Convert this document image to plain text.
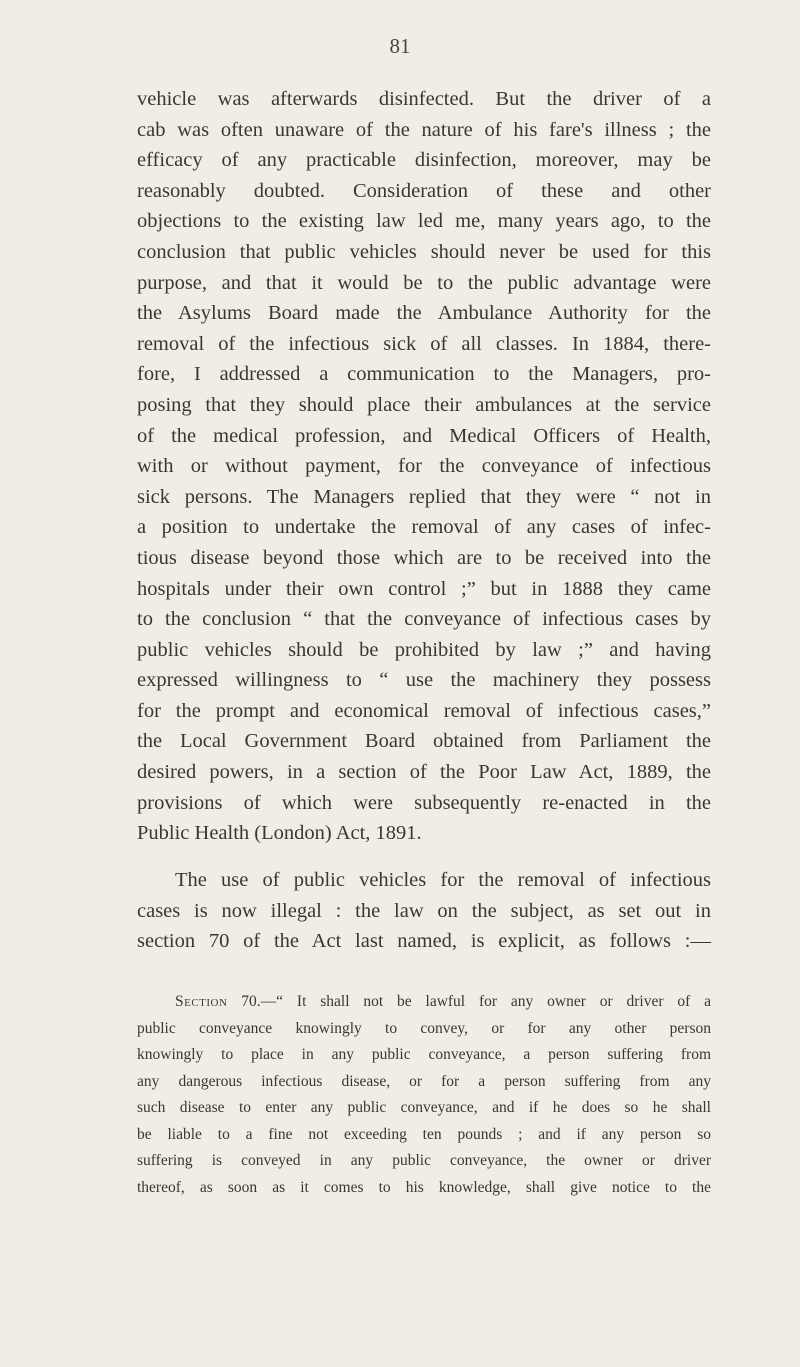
81
vehicle was afterwards disinfected. But the driver of a
cab was often unaware of the nature of his fare's illness ; the
efficacy of any practicable disinfection, moreover, may be
reasonably doubted. Consideration of these and other
objections to the existing law led me, many years ago, to the
conclusion that public vehicles should never be used for this
purpose, and that it would be to the public advantage were
the Asylums Board made the Ambulance Authority for the
removal of the infectious sick of all classes. In 1884, there-
fore, I addressed a communication to the Managers, pro-
posing that they should place their ambulances at the service
of the medical profession, and Medical Officers of Health,
with or without payment, for the conveyance of infectious
sick persons. The Managers replied that they were “ not in
a position to undertake the removal of any cases of infec-
tious disease beyond those which are to be received into the
hospitals under their own control ;” but in 1888 they came
to the conclusion “ that the conveyance of infectious cases by
public vehicles should be prohibited by law ;” and having
expressed willingness to “ use the machinery they possess
for the prompt and economical removal of infectious cases,”
the Local Government Board obtained from Parliament the
desired powers, in a section of the Poor Law Act, 1889, the
provisions of which were subsequently re-enacted in the
Public Health (London) Act, 1891.
The use of public vehicles for the removal of infectious
cases is now illegal : the law on the subject, as set out in
section 70 of the Act last named, is explicit, as follows :—
Section 70.—“ It shall not be lawful for any owner or driver of a
public conveyance knowingly to convey, or for any other person
knowingly to place in any public conveyance, a person suffering from
any dangerous infectious disease, or for a person suffering from any
such disease to enter any public conveyance, and if he does so he shall
be liable to a fine not exceeding ten pounds ; and if any person so
suffering is conveyed in any public conveyance, the owner or driver
thereof, as soon as it comes to his knowledge, shall give notice to the
